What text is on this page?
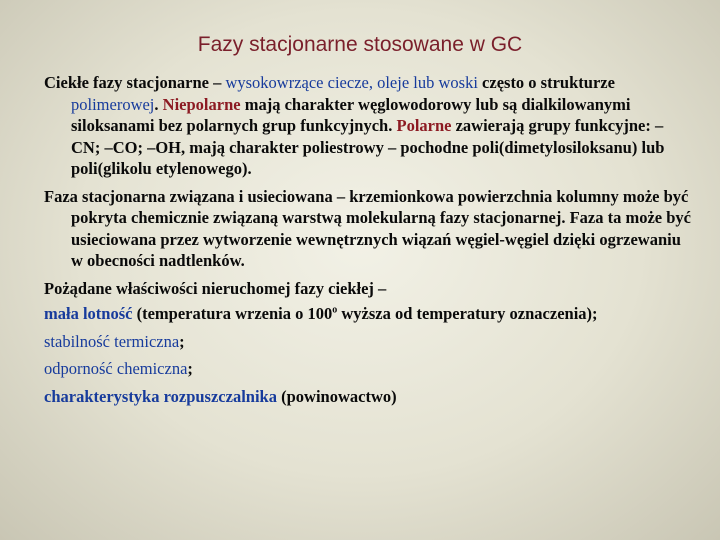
Fazy stacjonarne stosowane w GC

Ciekłe fazy stacjonarne – wysokowrzące ciecze, oleje lub woski często o strukturze polimerowej. Niepolarne mają charakter węglowodorowy lub są dialkilowanymi siloksanami bez polarnych grup funkcyjnych. Polarne zawierają grupy funkcyjne: –CN; –CO; –OH, mają charakter poliestrowy – pochodne poli(dimetylosiloksanu) lub poli(glikolu etylenowego).

Faza stacjonarna związana i usieciowana – krzemionkowa powierzchnia kolumny może być pokryta chemicznie związaną warstwą molekularną fazy stacjonarnej. Faza ta może być usieciowana przez wytworzenie wewnętrznych wiązań węgiel-węgiel dzięki ogrzewaniu w obecności nadtlenków.

Pożądane właściwości nieruchomej fazy ciekłej –

mała lotność (temperatura wrzenia o 100$^o$ wyższa od temperatury oznaczenia);

stabilność termiczna;

odporność chemiczna;

charakterystyka rozpuszczalnika (powinowactwo)
